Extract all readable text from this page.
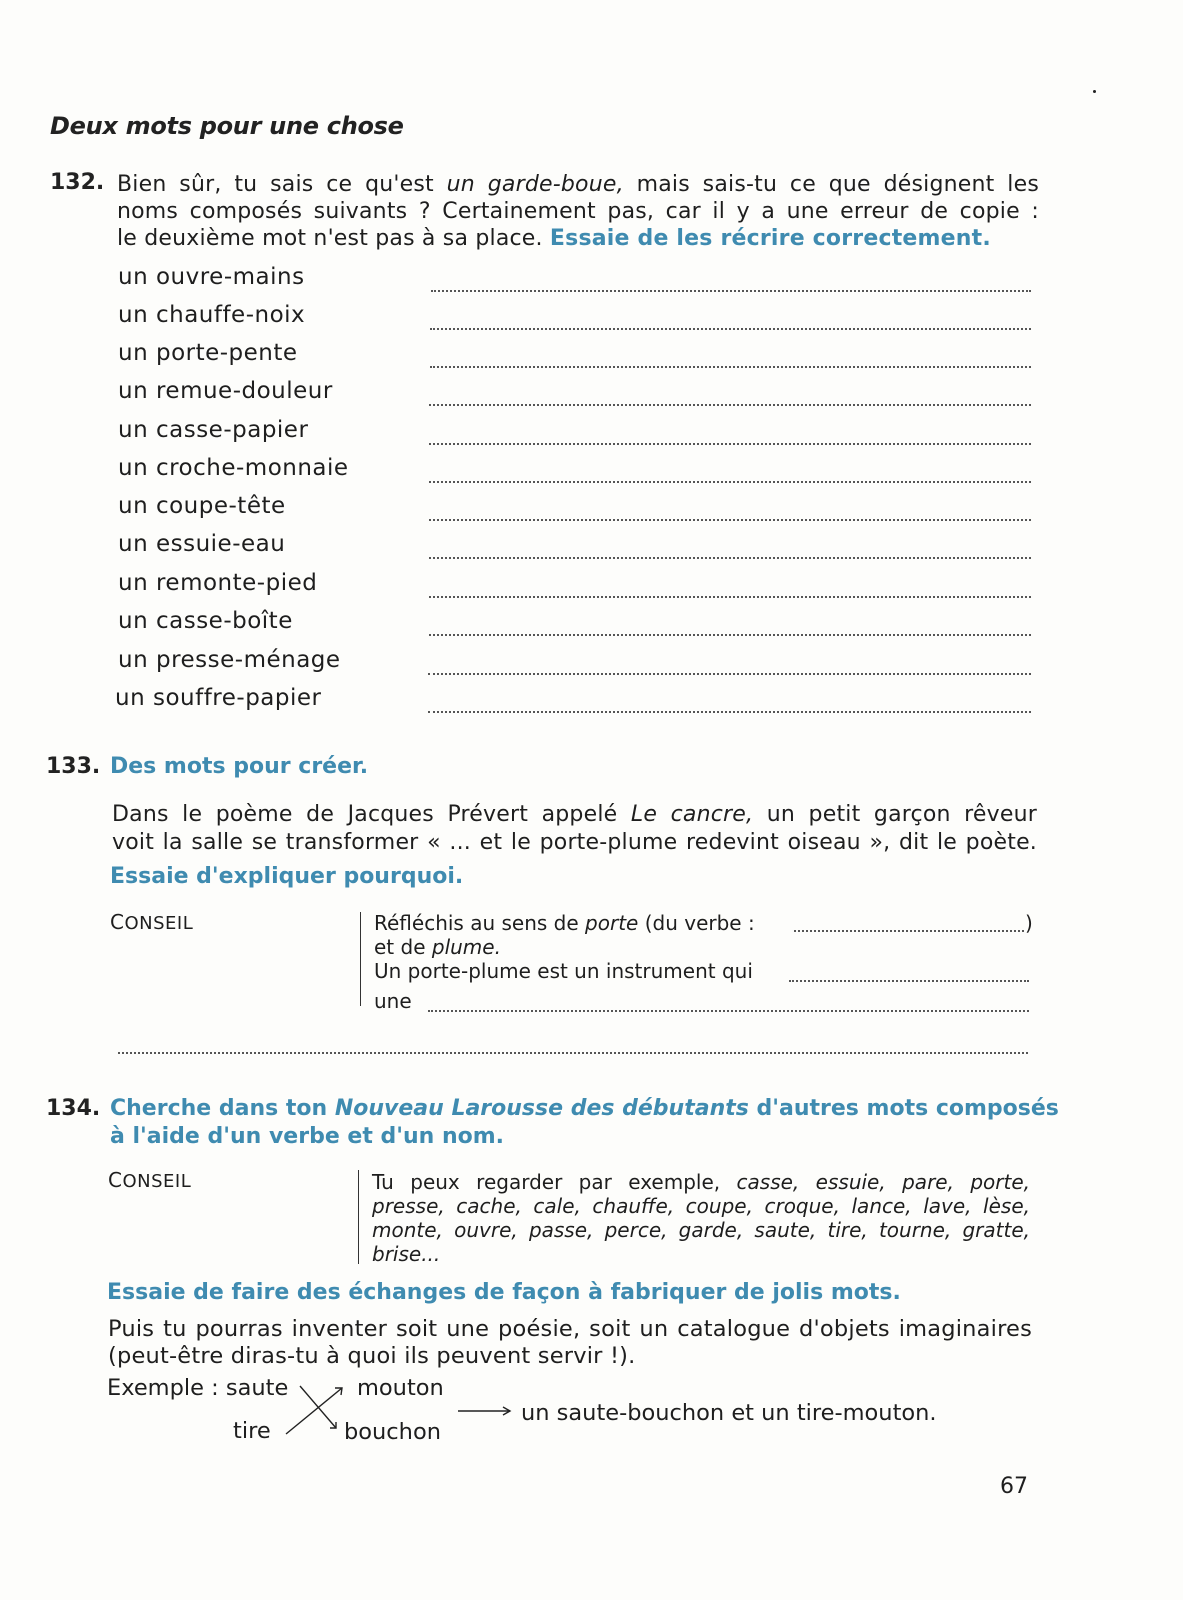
Deux mots pour une chose
132. Bien sûr, tu sais ce qu'est un garde-boue, mais sais-tu ce que désignent les
noms composés suivants ? Certainement pas, car il y a une erreur de copie :
le deuxième mot n'est pas à sa place. Essaie de les récrire correctement.
un ouvre-mains
un chauffe-noix
un porte-pente
un remue-douleur
un casse-papier
un croche-monnaie
un coupe-tête
un essuie-eau
un remonte-pied
un casse-boîte
un presse-ménage
un souffre-papier
133. Des mots pour créer.
Dans le poème de Jacques Prévert appelé Le cancre, un petit garçon rêveur
voit la salle se transformer « ... et le porte-plume redevint oiseau », dit le poète.
Essaie d'expliquer pourquoi.
CONSEIL	Réfléchis au sens de porte (du verbe :	)
et de plume.
Un porte-plume est un instrument qui
une
134. Cherche dans ton Nouveau Larousse des débutants d'autres mots composés
à l'aide d'un verbe et d'un nom.
CONSEIL	Tu peux regarder par exemple, casse, essuie, pare, porte,
presse, cache, cale, chauffe, coupe, croque, lance, lave, lèse,
monte, ouvre, passe, perce, garde, saute, tire, tourne, gratte,
brise...
Essaie de faire des échanges de façon à fabriquer de jolis mots.
Puis tu pourras inventer soit une poésie, soit un catalogue d'objets imaginaires
(peut-être diras-tu à quoi ils peuvent servir !).
Exemple : saute
tire
mouton
bouchon
un saute-bouchon et un tire-mouton.
67
